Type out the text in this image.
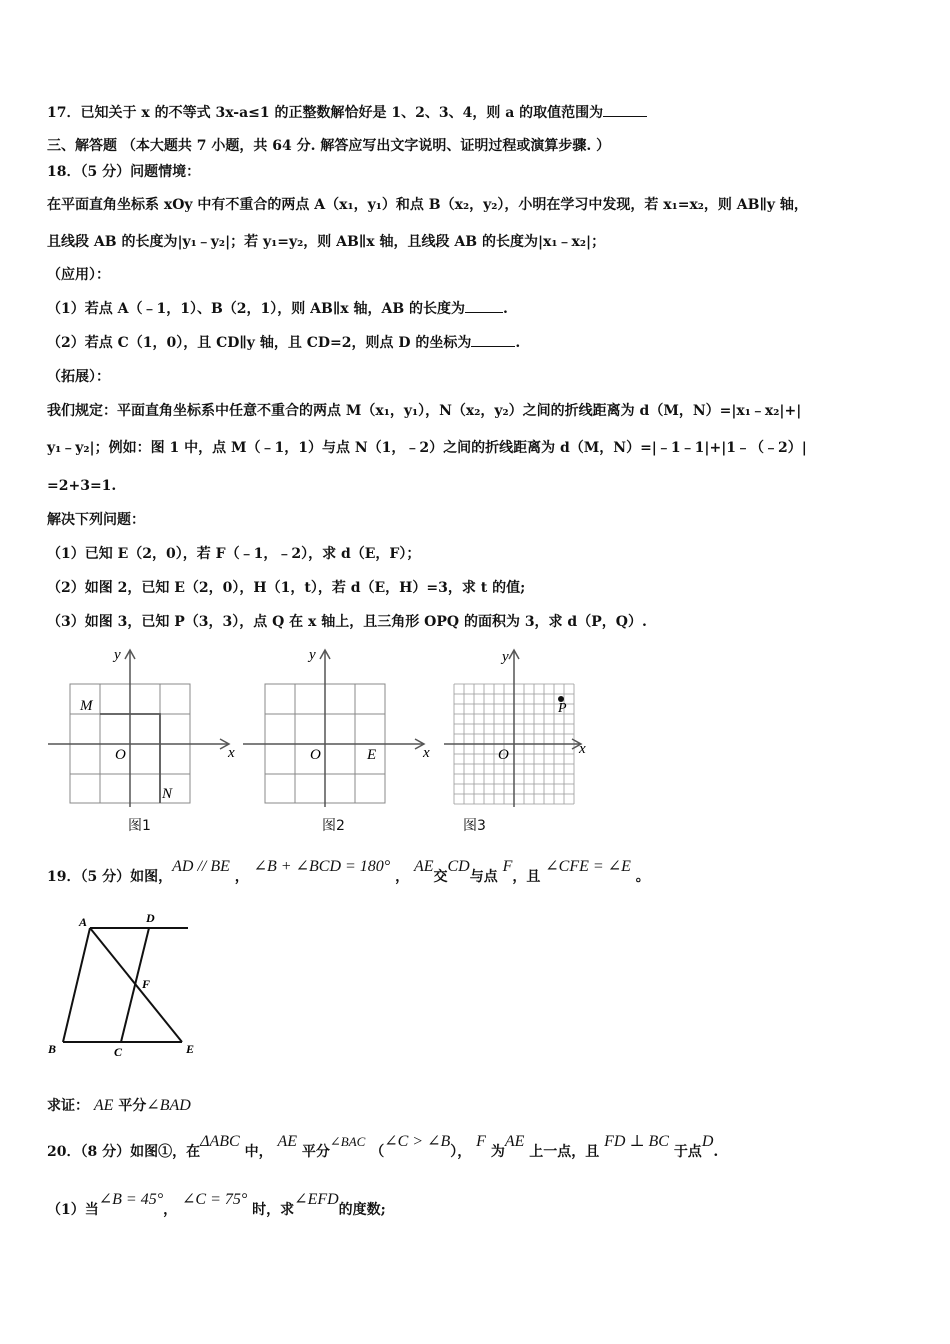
17．已知关于 x 的不等式 3x-a≤1 的正整数解恰好是 1、2、3、4，则 a 的取值范围为
三、解答题 （本大题共 7 小题，共 64 分. 解答应写出文字说明、证明过程或演算步骤. ）
18．（5 分）问题情境：
在平面直角坐标系 xOy 中有不重合的两点 A（x₁，y₁）和点 B（x₂，y₂），小明在学习中发现，若 x₁=x₂，则 AB∥y 轴，
且线段 AB 的长度为|y₁﹣y₂|；若 y₁=y₂，则 AB∥x 轴，且线段 AB 的长度为|x₁﹣x₂|；
（应用）：
（1）若点 A（﹣1，1）、B（2，1），则 AB∥x 轴，AB 的长度为	.
（2）若点 C（1，0），且 CD∥y 轴，且 CD=2，则点 D 的坐标为	.
（拓展）：
我们规定：平面直角坐标系中任意不重合的两点 M（x₁，y₁），N（x₂，y₂）之间的折线距离为 d（M，N）=|x₁﹣x₂|+|
y₁﹣y₂|；例如：图 1 中，点 M（﹣1，1）与点 N（1，﹣2）之间的折线距离为 d（M，N）=|﹣1﹣1|+|1﹣（﹣2）|
=2+3=1.
解决下列问题：
（1）已知 E（2，0），若 F（﹣1，﹣2），求 d（E，F）；
（2）如图 2，已知 E（2，0），H（1，t），若 d（E，H）=3，求 t 的值;
（3）如图 3，已知 P（3，3），点 Q 在 x 轴上，且三角形 OPQ 的面积为 3，求 d（P，Q）.
y
x
O
M
N
图1
y
x
O	E
图2
y
x
O
P
图3
19．（5 分）如图，AD // BE ， ∠B + ∠BCD = 180° ， AE交CD与点 F，且 ∠CFE = ∠E 。
A	D
F
B	C	E
求证： AE 平分∠BAD
20．（8 分）如图①，在ΔABC 中， AE 平分∠BAC （∠C > ∠B）， F 为AE 上一点，且 FD ⊥ BC 于点D.
（1）当∠B = 45°， ∠C = 75° 时，求∠EFD的度数;
